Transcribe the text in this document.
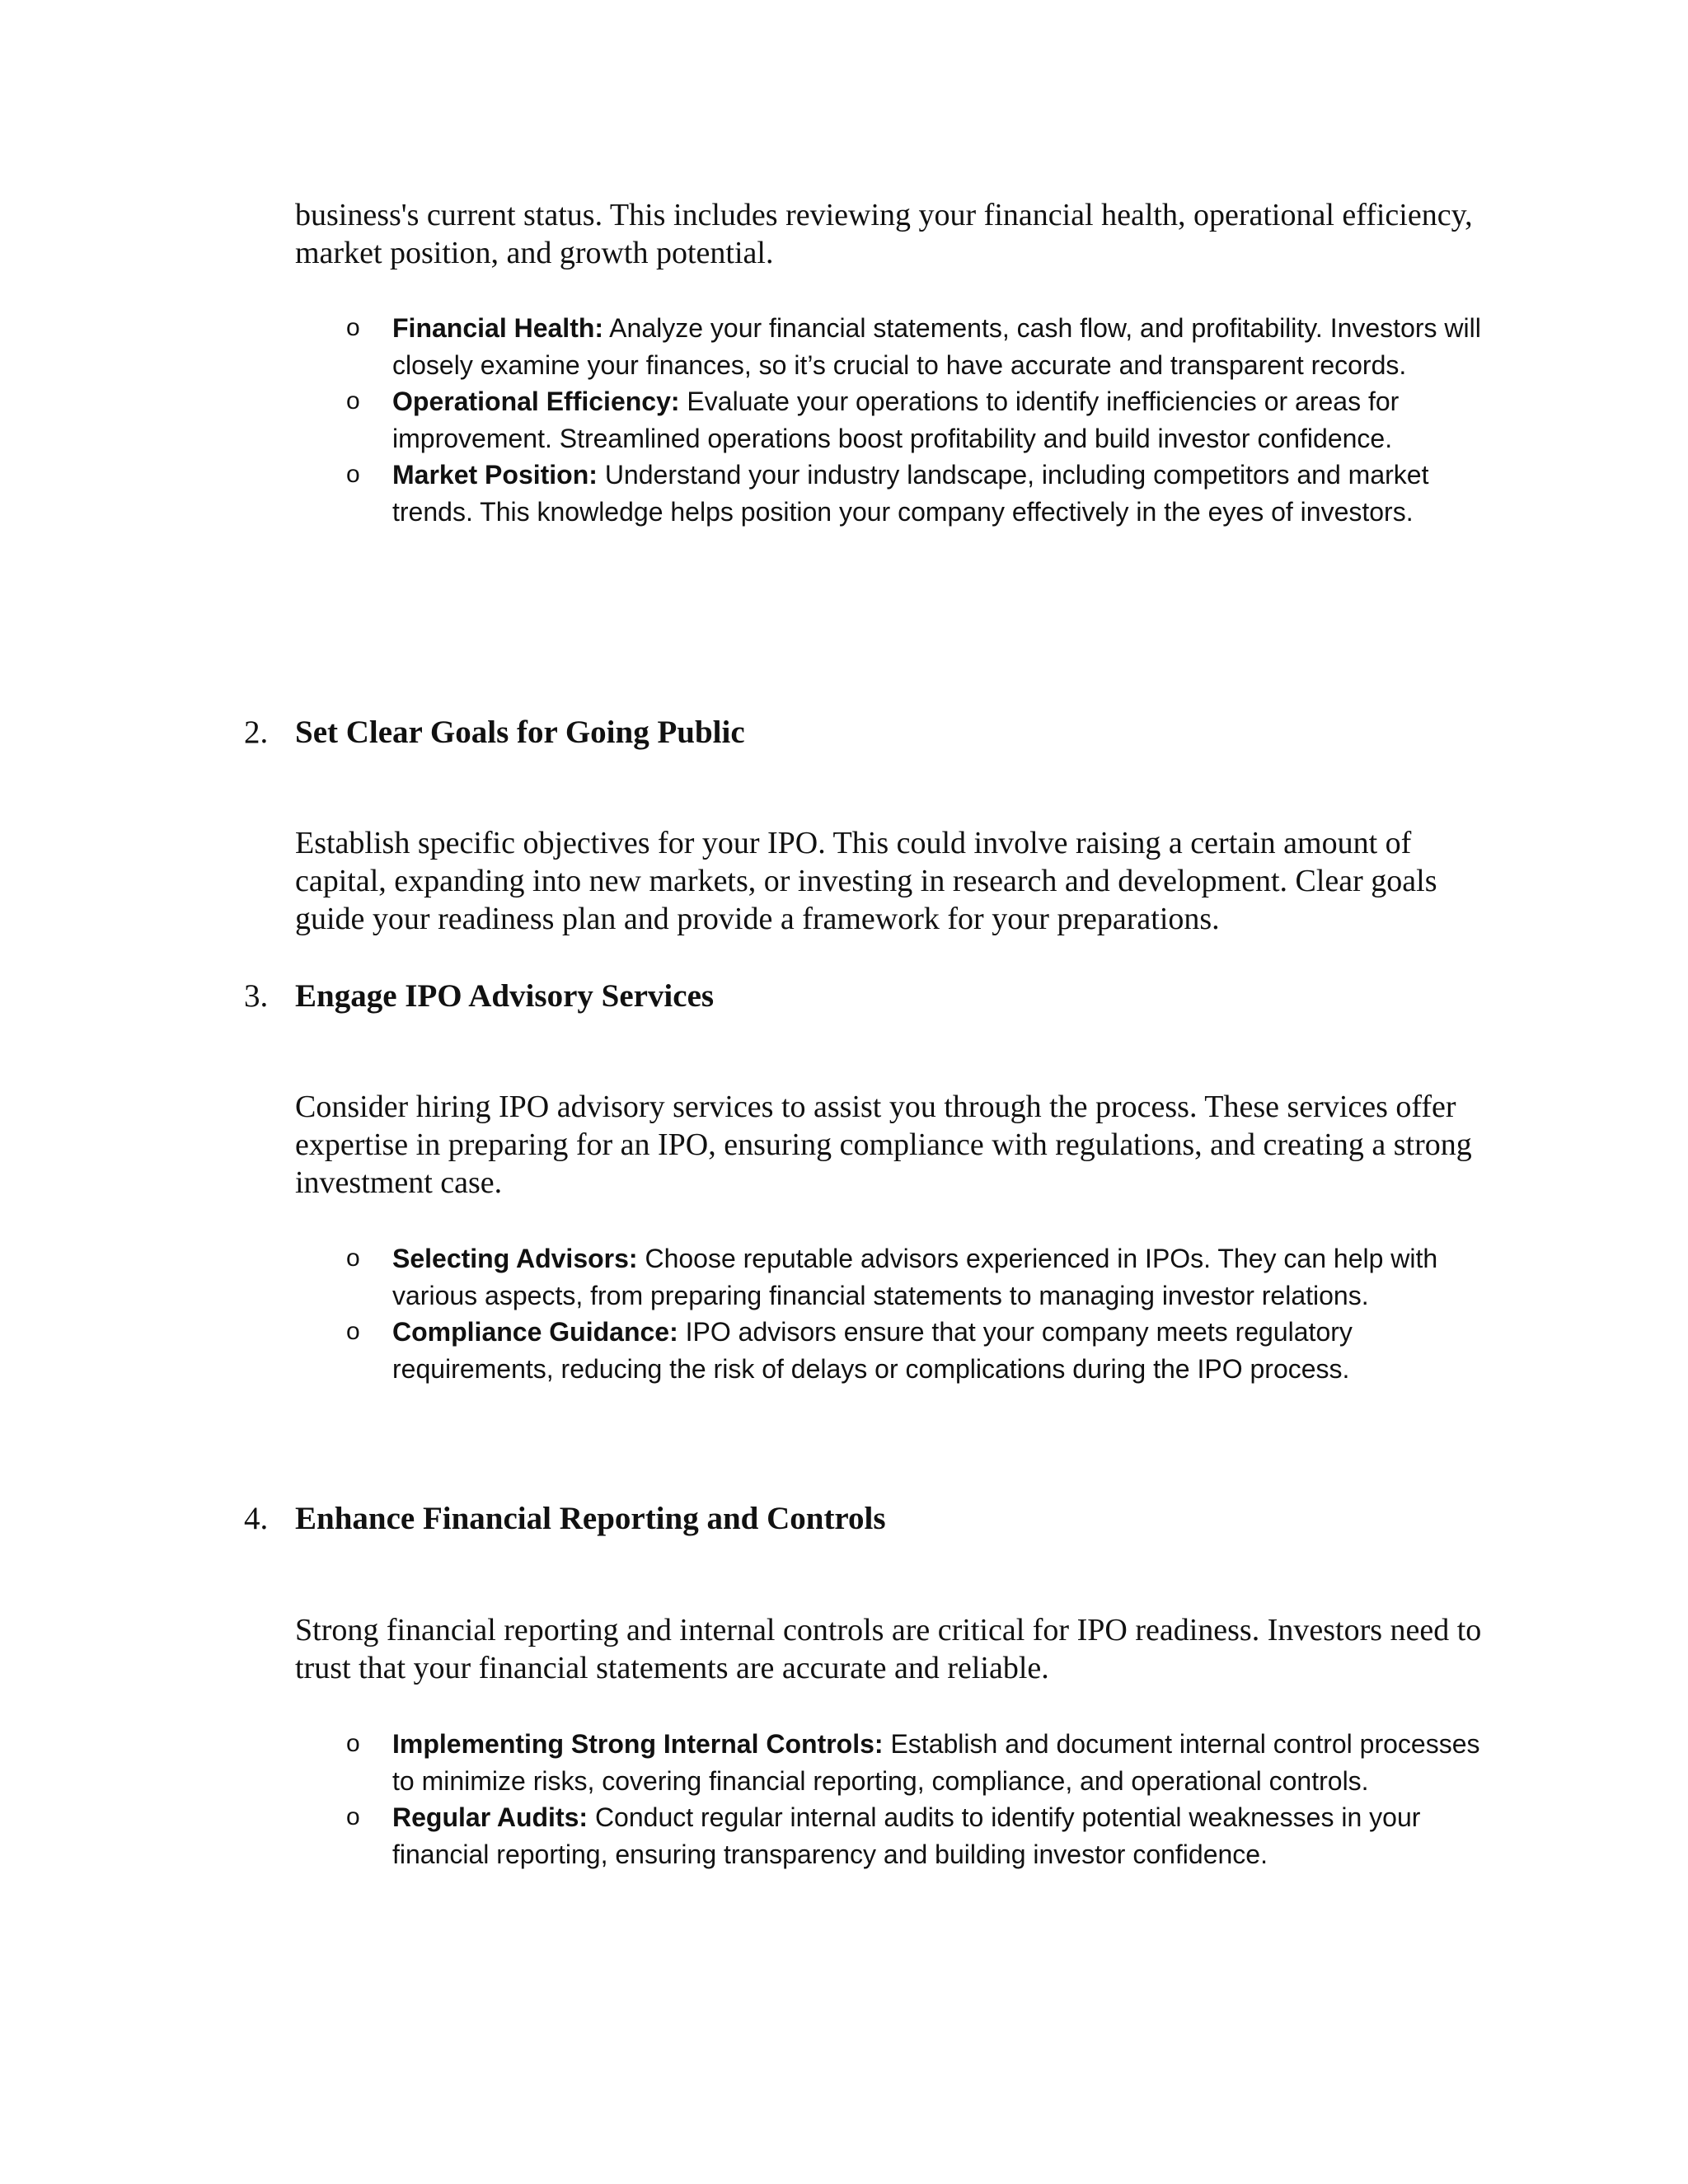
business's current status. This includes reviewing your financial health, operational efficiency, market position, and growth potential.

o Financial Health: Analyze your financial statements, cash flow, and profitability. Investors will closely examine your finances, so it’s crucial to have accurate and transparent records.
o Operational Efficiency: Evaluate your operations to identify inefficiencies or areas for improvement. Streamlined operations boost profitability and build investor confidence.
o Market Position: Understand your industry landscape, including competitors and market trends. This knowledge helps position your company effectively in the eyes of investors.
2. Set Clear Goals for Going Public

Establish specific objectives for your IPO. This could involve raising a certain amount of capital, expanding into new markets, or investing in research and development. Clear goals guide your readiness plan and provide a framework for your preparations.

3. Engage IPO Advisory Services

Consider hiring IPO advisory services to assist you through the process. These services offer expertise in preparing for an IPO, ensuring compliance with regulations, and creating a strong investment case.

o Selecting Advisors: Choose reputable advisors experienced in IPOs. They can help with various aspects, from preparing financial statements to managing investor relations.
o Compliance Guidance: IPO advisors ensure that your company meets regulatory requirements, reducing the risk of delays or complications during the IPO process.
4. Enhance Financial Reporting and Controls

Strong financial reporting and internal controls are critical for IPO readiness. Investors need to trust that your financial statements are accurate and reliable.

o Implementing Strong Internal Controls: Establish and document internal control processes to minimize risks, covering financial reporting, compliance, and operational controls.
o Regular Audits: Conduct regular internal audits to identify potential weaknesses in your financial reporting, ensuring transparency and building investor confidence.
